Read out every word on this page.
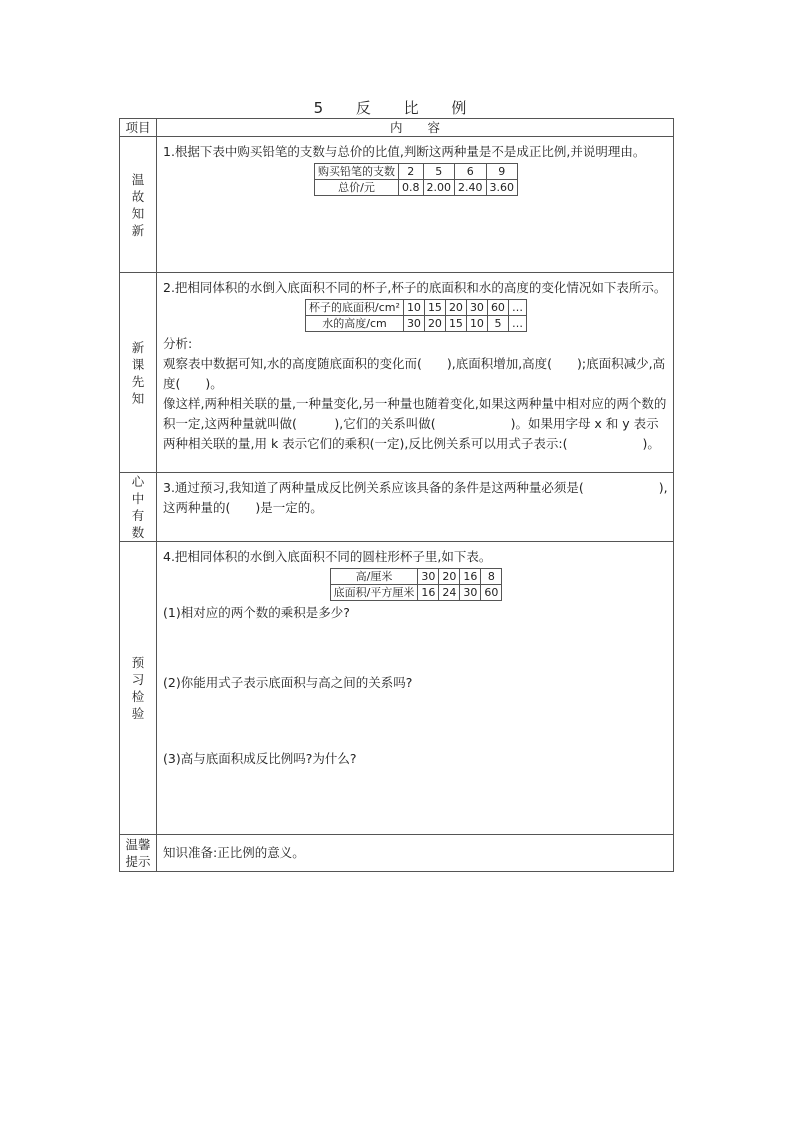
5 反 比 例
项目	内　　容

温故知新

1.根据下表中购买铅笔的支数与总价的比值,判断这两种量是不是成正比例,并说明理由。

购买铅笔的支数	2	5	6	9
总价/元	0.8	2.00	2.40	3.60

新课先知

2.把相同体积的水倒入底面积不同的杯子,杯子的底面积和水的高度的变化情况如下表所示。

杯子的底面积/cm²	10	15	20	30	60	…
水的高度/cm	30	20	15	10	5	…

分析:

观察表中数据可知,水的高度随底面积的变化而(　　),底面积增加,高度(　　);底面积减少,高度(　　)。

像这样,两种相关联的量,一种量变化,另一种量也随着变化,如果这两种量中相对应的两个数的积一定,这两种量就叫做(　　　),它们的关系叫做(　　　　　　)。如果用字母 x 和 y 表示两种相关联的量,用 k 表示它们的乘积(一定),反比例关系可以用式子表示:(　　　　　　)。

心中有数

3.通过预习,我知道了两种量成反比例关系应该具备的条件是这两种量必须是(　　　　　　),这两种量的(　　)是一定的。

预习检验

4.把相同体积的水倒入底面积不同的圆柱形杯子里,如下表。

高/厘米	30	20	16	8
底面积/平方厘米	16	24	30	60

(1)相对应的两个数的乘积是多少?

(2)你能用式子表示底面积与高之间的关系吗?

(3)高与底面积成反比例吗?为什么?

温馨提示

知识准备:正比例的意义。
